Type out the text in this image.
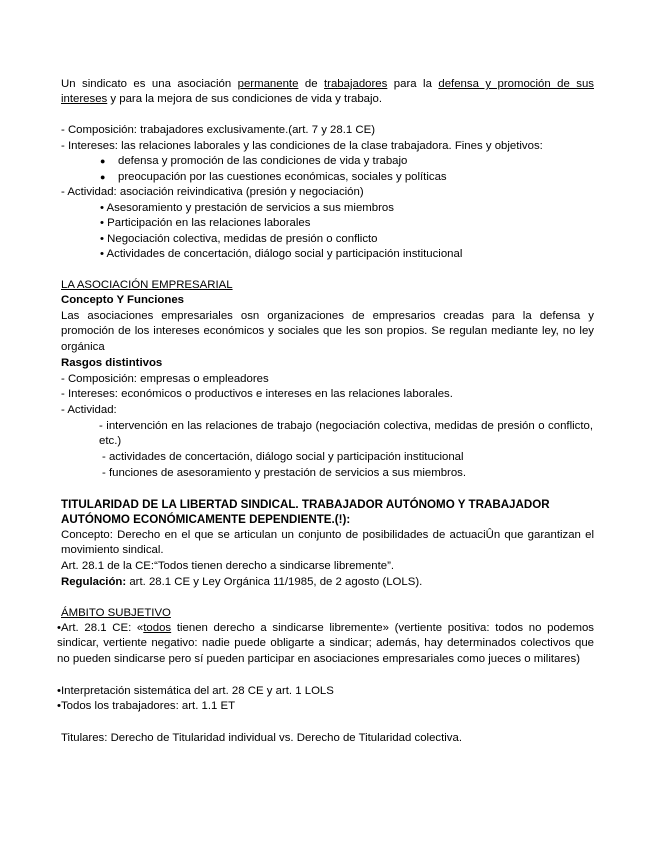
Un sindicato es una asociación permanente de trabajadores para la defensa y promoción de sus intereses y para la mejora de sus condiciones de vida y trabajo.

- Composición: trabajadores exclusivamente.(art. 7 y 28.1 CE)
- Intereses: las relaciones laborales y las condiciones de la clase trabajadora. Fines y objetivos:
● defensa y promoción de las condiciones de vida y trabajo
● preocupación por las cuestiones económicas, sociales y políticas
- Actividad: asociación reivindicativa (presión y negociación)
• Asesoramiento y prestación de servicios a sus miembros
• Participación en las relaciones laborales
• Negociación colectiva, medidas de presión o conflicto
• Actividades de concertación, diálogo social y participación institucional
LA ASOCIACIÓN EMPRESARIAL
Concepto Y Funciones

Las asociaciones empresariales osn organizaciones de empresarios creadas para la defensa y promoción de los intereses económicos y sociales que les son propios. Se regulan mediante ley, no ley orgánica

Rasgos distintivos
- Composición: empresas o empleadores
- Intereses: económicos o productivos e intereses en las relaciones laborales.
- Actividad:
- intervención en las relaciones de trabajo (negociación colectiva, medidas de presión o conflicto, etc.)
- actividades de concertación, diálogo social y participación institucional
- funciones de asesoramiento y prestación de servicios a sus miembros.
TITULARIDAD DE LA LIBERTAD SINDICAL. TRABAJADOR AUTÓNOMO Y TRABAJADOR AUTÓNOMO ECONÓMICAMENTE DEPENDIENTE.(!):

Concepto: Derecho en el que se articulan un conjunto de posibilidades de actuaciÛn que garantizan el movimiento sindical.

Art. 28.1 de la CE:“Todos tienen derecho a sindicarse libremente”.
Regulación: art. 28.1 CE y Ley Orgánica 11/1985, de 2 agosto (LOLS).
ÁMBITO SUBJETIVO

•Art. 28.1 CE: «todos tienen derecho a sindicarse libremente» (vertiente positiva: todos no podemos sindicar, vertiente negativo: nadie puede obligarte a sindicar; además, hay determinados colectivos que no pueden sindicarse pero sí pueden participar en asociaciones empresariales como jueces o militares)

•Interpretación sistemática del art. 28 CE y art. 1 LOLS
•Todos los trabajadores: art. 1.1 ET
Titulares: Derecho de Titularidad individual vs. Derecho de Titularidad colectiva.
